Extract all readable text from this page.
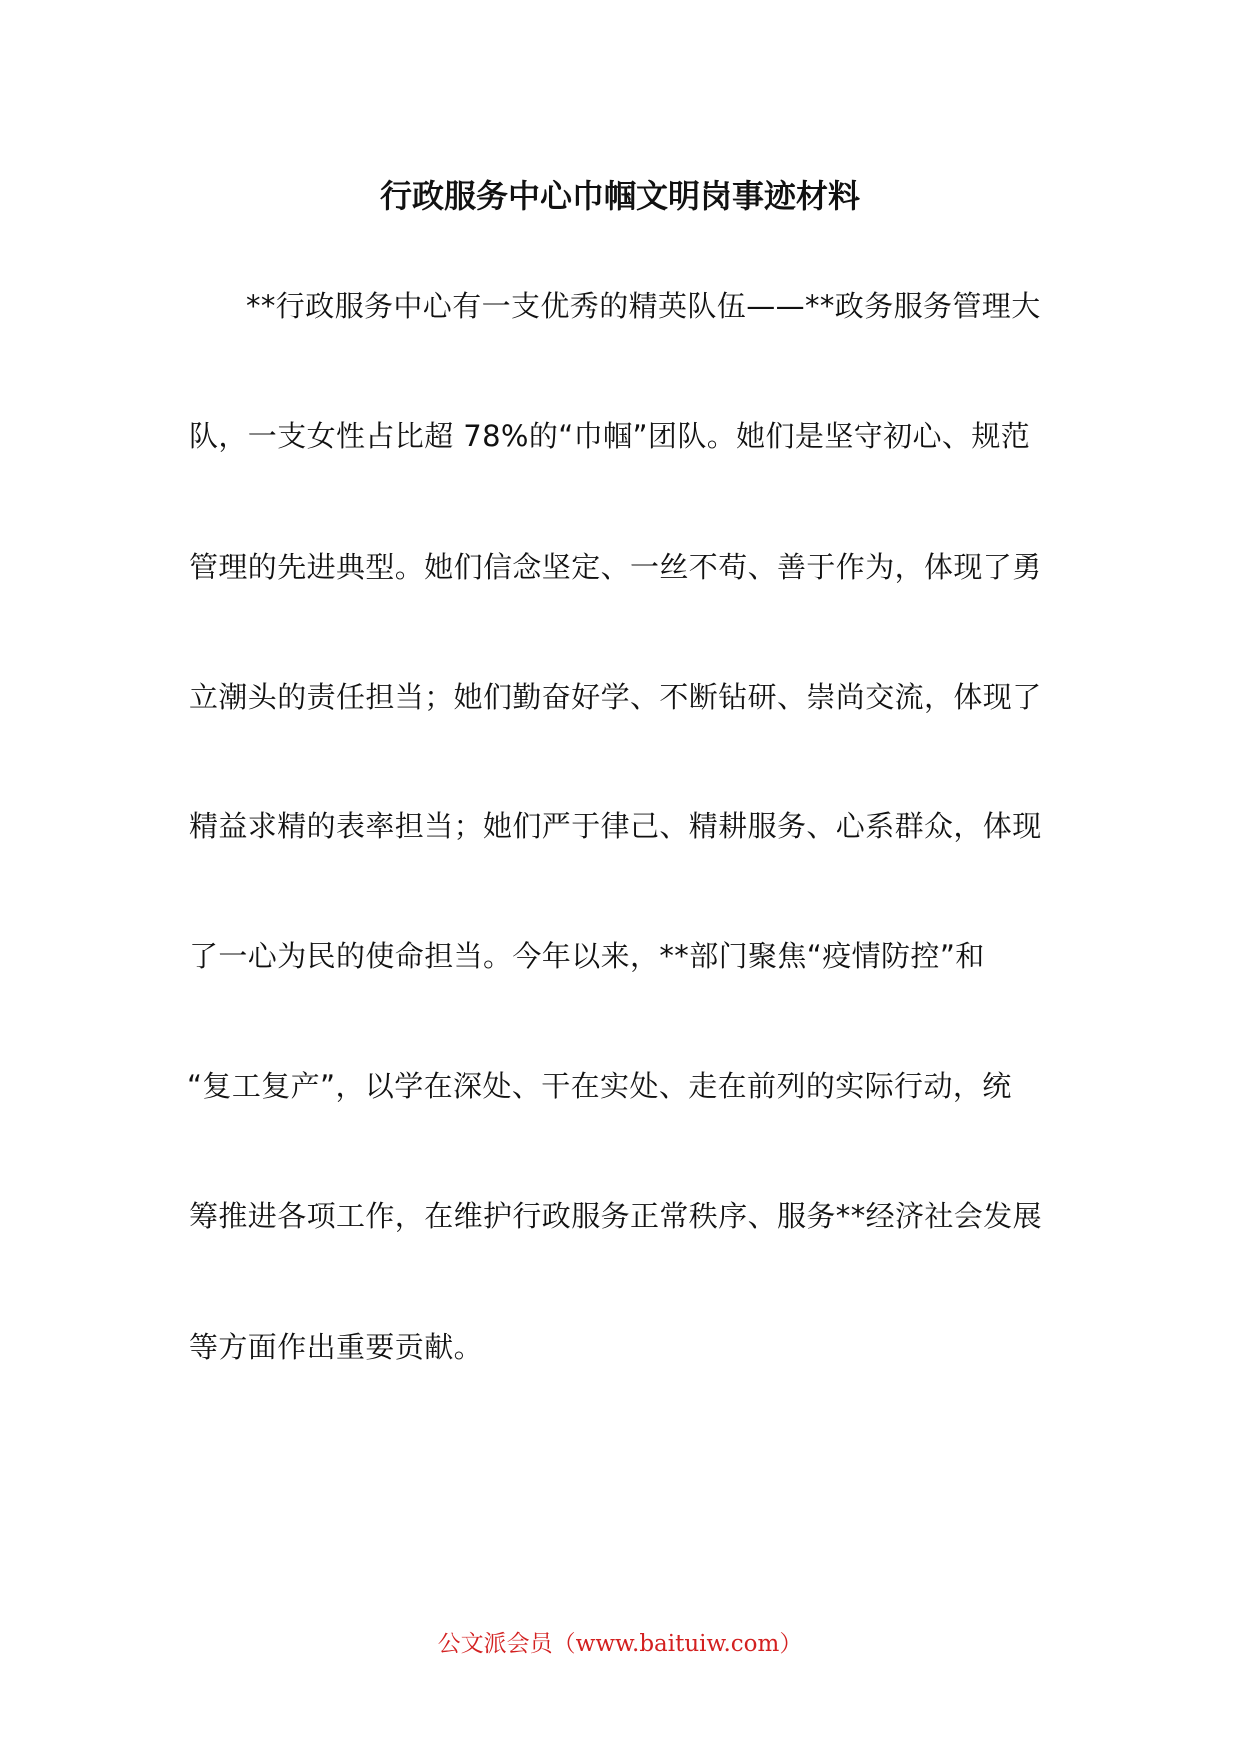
行政服务中心巾帼文明岗事迹材料
**行政服务中心有一支优秀的精英队伍——**政务服务管理大
队，一支女性占比超 78%的“巾帼”团队。她们是坚守初心、规范
管理的先进典型。她们信念坚定、一丝不苟、善于作为，体现了勇
立潮头的责任担当；她们勤奋好学、不断钻研、崇尚交流，体现了
精益求精的表率担当；她们严于律己、精耕服务、心系群众，体现
了一心为民的使命担当。今年以来，**部门聚焦“疫情防控”和
“复工复产”，以学在深处、干在实处、走在前列的实际行动，统
筹推进各项工作，在维护行政服务正常秩序、服务**经济社会发展
等方面作出重要贡献。
公文派会员（www.baituiw.com）
